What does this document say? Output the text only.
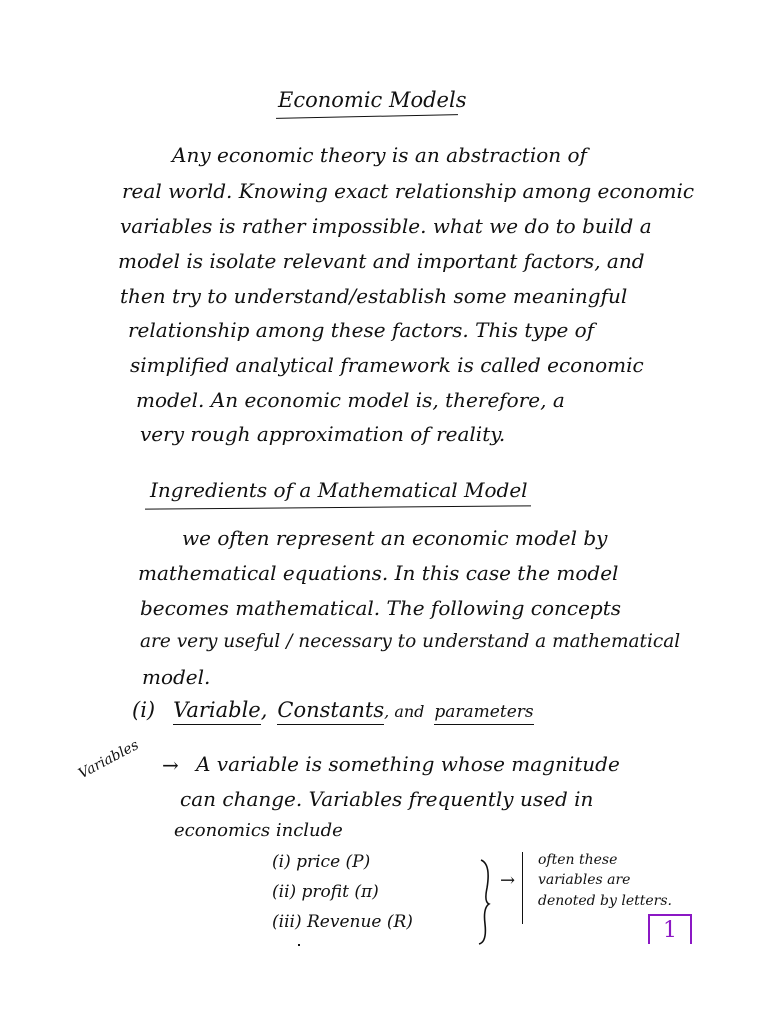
Economic Models
Any economic theory is an abstraction of
real world. Knowing exact relationship among economic
variables is rather impossible. what we do to build a
model is isolate relevant and important factors, and
then try to understand/establish some meaningful
relationship among these factors. This type of
simplified analytical framework is called economic
model. An economic model is, therefore, a
very rough approximation of reality.
Ingredients of a Mathematical Model
we often represent an economic model by
mathematical equations. In this case the model
becomes mathematical. The following concepts
are very useful / necessary to understand a mathematical
model.
(i) Variable, Constants, and parameters
Variables → A variable is something whose magnitude
can change. Variables frequently used in
economics include
(i) price (P)
(ii) profit (π)
(iii) Revenue (R)
→
often these
variables are
denoted by letters.
1
